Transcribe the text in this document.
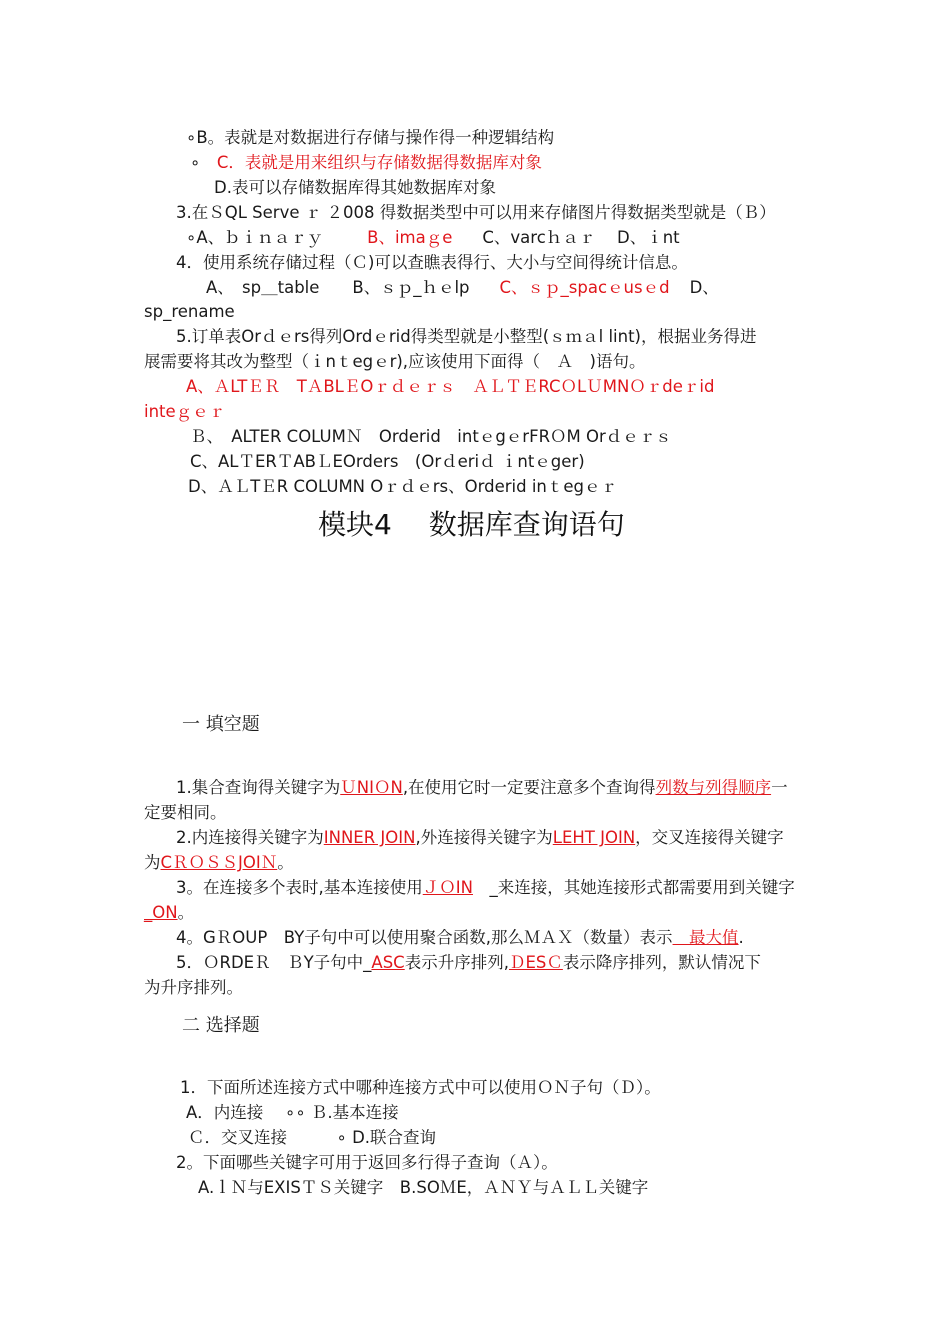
∘B。表就是对数据进行存储与操作得一种逻辑结构
∘　C．表就是用来组织与存储数据得数据库对象
D.表可以存储数据库得其她数据库对象
3.在ＳQL Serve ｒ ２008 得数据类型中可以用来存储图片得数据类型就是（Ｂ）
∘A、ｂｉｎａｒｙ	B、imaｇe C、varcｈａｒ　 D、ｉnt
4．使用系统存储过程（Ｃ)可以查瞧表得行、大小与空间得统计信息。
A、　sp＿table　　B、ｓｐ_ｈｅlp C、ｓｐ_spacｅusｅd D、
sp_rename
5.订单表Orｄｅrs得列Ordｅrid得类型就是小整型(ｓｍａl lint)，根据业务得进
展需要将其改为整型（ｉnｔegｅr),应该使用下面得（　Ａ　)语句。
A、ＡLTＥＲ　TＡBLＥOｒｄｅｒｓ　ＡＬＴＥRCＯLＵMNＯｒdeｒid
inteｇｅｒ
Ｂ、　ALTER COLUMＮ　Orderid　intｅgｅrFRＯM Orｄｅｒｓ
C、ALＴERＴABＬEOrders　(Orｄeriｄ ｉntｅger)
D、ＡＬTＥR COLUMN Oｒｄｅrs、Orderid inｔegｅｒ
模块4　 数据库查询语句
一 填空题
1.集合查询得关键字为ＵNIＯN,在使用它时一定要注意多个查询得列数与列得顺序一
定要相同。
2.内连接得关键字为INNER JOIN,外连接得关键字为LEHT JOIN，交叉连接得关键字
为CＲＯＳＳJOIＮ。
3。在连接多个表时,基本连接使用ＪＯIN　_来连接，其她连接形式都需要用到关键字
_ON。
4。GＲOUP　BY子句中可以使用聚合函数,那么ＭＡＸ（数量）表示　最大值.
5．ＯRDEＲ　ＢY子句中_ASC表示升序排列,ＤESＣ表示降序排列，默认情况下
为升序排列。
二 选择题
1．下面所述连接方式中哪种连接方式中可以使用ＯＮ子句（Ｄ）。
A．内连接　 ∘∘ Ｂ.基本连接
Ｃ．交叉连接　　　∘ D.联合查询
2。下面哪些关键字可用于返回多行得子查询（Ａ）。
A.ｌＮ与EXISＴＳ关键字　B.SOＭE，ＡＮＹ与ＡＬＬ关键字
